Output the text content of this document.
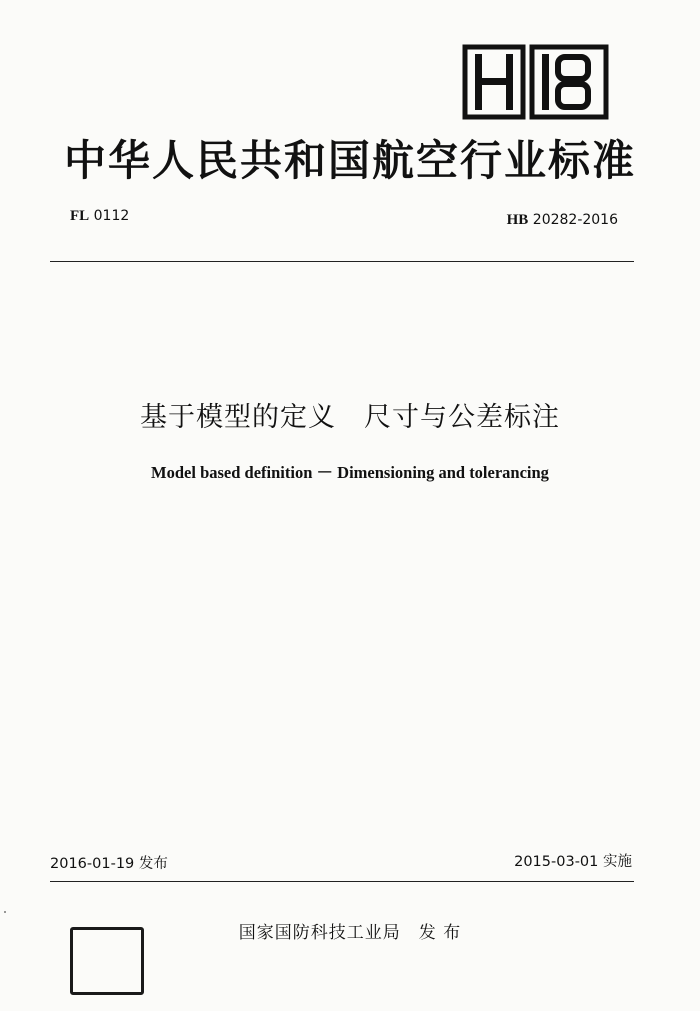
中华人民共和国航空行业标准
FL 0112	HB 20282-2016
基于模型的定义　尺寸与公差标注
Model based definition － Dimensioning and tolerancing
2016-01-19 发布	2015-03-01 实施
国家国防科技工业局　发 布
